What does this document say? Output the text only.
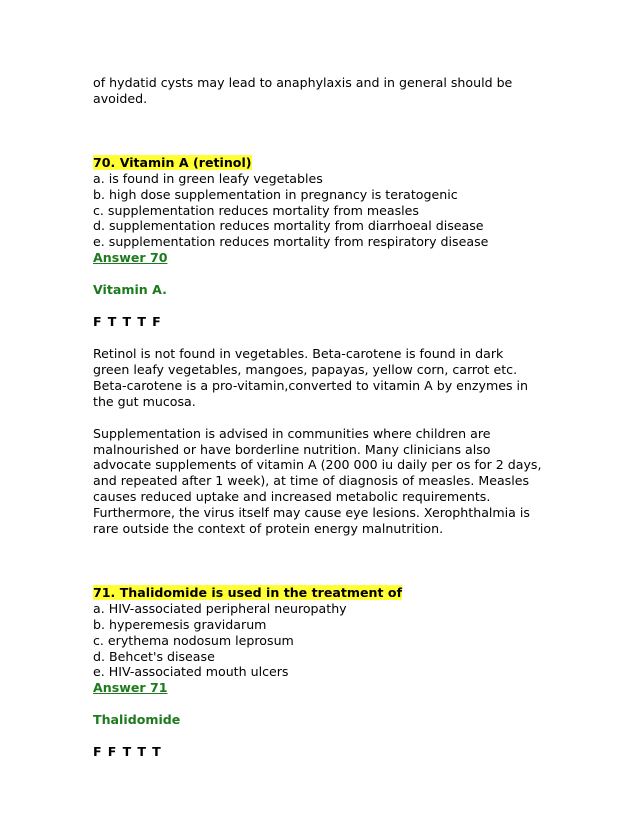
of hydatid cysts may lead to anaphylaxis and in general should be

avoided.

70. Vitamin A (retinol)

a. is found in green leafy vegetables

b. high dose supplementation in pregnancy is teratogenic

c. supplementation reduces mortality from measles

d. supplementation reduces mortality from diarrhoeal disease

e. supplementation reduces mortality from respiratory disease

Answer 70

Vitamin A.

F T T T F

Retinol is not found in vegetables. Beta-carotene is found in dark

green leafy vegetables, mangoes, papayas, yellow corn, carrot etc.

Beta-carotene is a pro-vitamin,converted to vitamin A by enzymes in

the gut mucosa.

Supplementation is advised in communities where children are

malnourished or have borderline nutrition. Many clinicians also

advocate supplements of vitamin A (200 000 iu daily per os for 2 days,

and repeated after 1 week), at time of diagnosis of measles. Measles

causes reduced uptake and increased metabolic requirements.

Furthermore, the virus itself may cause eye lesions. Xerophthalmia is

rare outside the context of protein energy malnutrition.

71. Thalidomide is used in the treatment of

a. HIV-associated peripheral neuropathy

b. hyperemesis gravidarum

c. erythema nodosum leprosum

d. Behcet's disease

e. HIV-associated mouth ulcers

Answer 71

Thalidomide

F F T T T
